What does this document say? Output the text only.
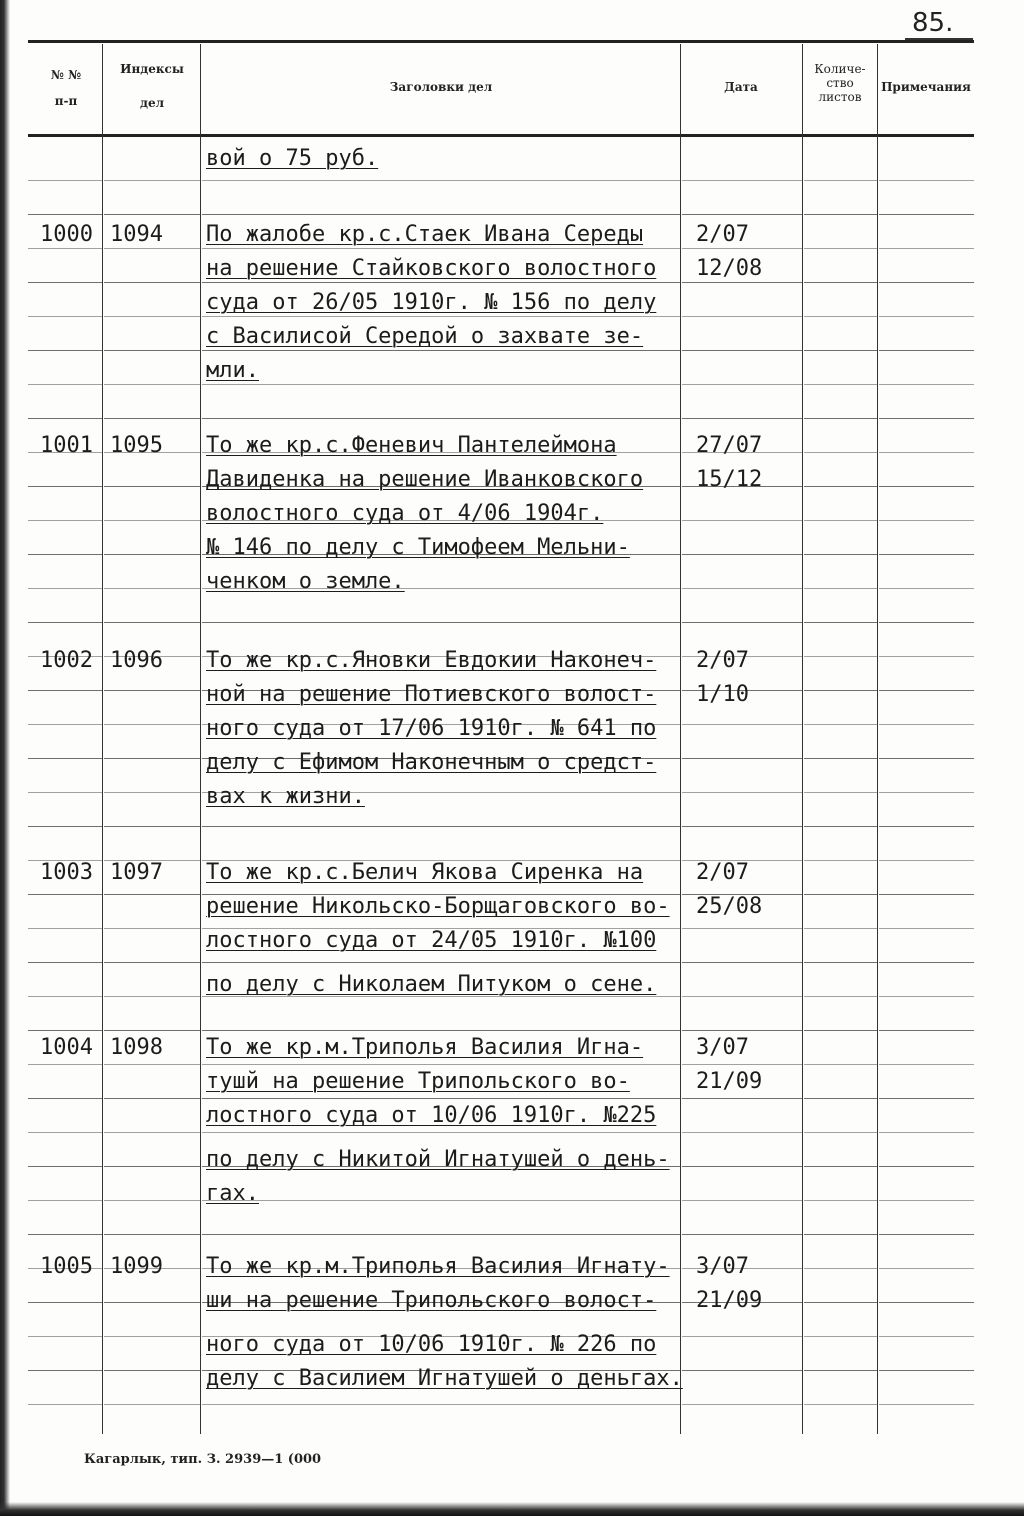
85.
№ №
п-п
Индексы
дел
Заголовки дел	Дата
Количе-
ство
листов
Примечания
вой о 75 руб.
1000 1094 По жалобе кр.с.Стаек Ивана Середы
на решение Стайковского волостного
суда от 26/05 1910г. № 156 по делу
с Василисой Середой о захвате зе-
мли.
2/07
12/08
1001 1095 То же кр.с.Феневич Пантелеймона
Давиденка на решение Иванковского
волостного суда от 4/06 1904г.
№ 146 по делу с Тимофеем Мельни-
ченком о земле.
27/07
15/12
1002 1096 То же кр.с.Яновки Евдокии Наконеч-
ной на решение Потиевского волост-
ного суда от 17/06 1910г. № 641 по
делу с Ефимом Наконечным о средст-
вах к жизни.
2/07
1/10
1003 1097 То же кр.с.Белич Якова Сиренка на
решение Никольско-Борщаговского во-
лостного суда от 24/05 1910г. №100
по делу с Николаем Питуком о сене.
2/07
25/08
1004 1098 То же кр.м.Триполья Василия Игна-
тушй на решение Трипольского во-
лостного суда от 10/06 1910г. №225
по делу с Никитой Игнатушей о день-
гах.
3/07
21/09
1005 1099 То же кр.м.Триполья Василия Игнату-
ши на решение Трипольского волост-
ного суда от 10/06 1910г. № 226 по
делу с Василием Игнатушей о деньгах.
3/07
21/09
Кагарлык, тип. З. 2939—1 (000
